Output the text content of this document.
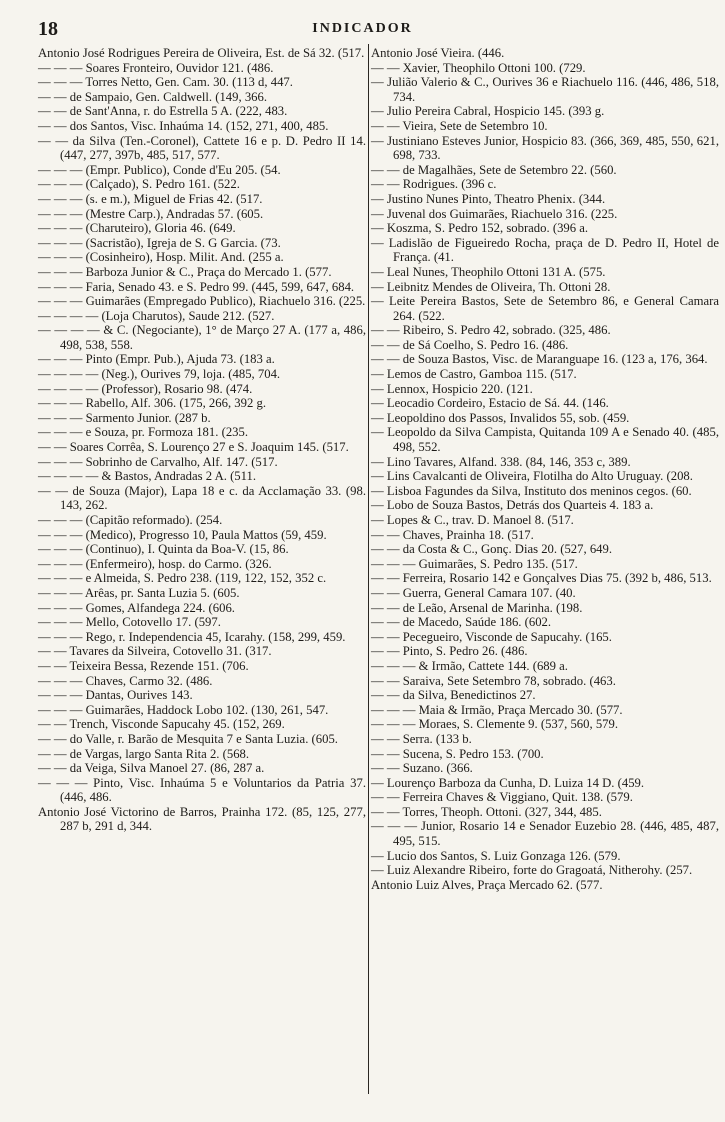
18	INDICADOR

Antonio José Rodrigues Pereira de Oliveira, Est. de Sá 32. (517.

— — — Soares Fronteiro, Ouvidor 121. (486.

— — — Torres Netto, Gen. Cam. 30. (113 d, 447.

— — de Sampaio, Gen. Caldwell. (149, 366.

— — de Sant'Anna, r. do Estrella 5 A. (222, 483.

— — dos Santos, Visc. Inhaúma 14. (152, 271, 400, 485.

— — da Silva (Ten.-Coronel), Cattete 16 e p. D. Pedro II 14. (447, 277, 397b, 485, 517, 577.

— — — (Empr. Publico), Conde d'Eu 205. (54.

— — — (Calçado), S. Pedro 161. (522.

— — — (s. e m.), Miguel de Frias 42. (517.

— — — (Mestre Carp.), Andradas 57. (605.

— — — (Charuteiro), Gloria 46. (649.

— — — (Sacristão), Igreja de S. G Garcia. (73.

— — — (Cosinheiro), Hosp. Milit. And. (255 a.

— — — Barboza Junior & C., Praça do Mercado 1. (577.

— — — Faria, Senado 43. e S. Pedro 99. (445, 599, 647, 684.

— — — Guimarães (Empregado Publico), Riachuelo 316. (225.

— — — — (Loja Charutos), Saude 212. (527.

— — — — & C. (Negociante), 1° de Março 27 A. (177 a, 486, 498, 538, 558.

— — — Pinto (Empr. Pub.), Ajuda 73. (183 a.

— — — — (Neg.), Ourives 79, loja. (485, 704.

— — — — (Professor), Rosario 98. (474.

— — — Rabello, Alf. 306. (175, 266, 392 g.

— — — Sarmento Junior. (287 b.

— — — e Souza, pr. Formoza 181. (235.

— — Soares Corrêa, S. Lourenço 27 e S. Joaquim 145. (517.

— — — Sobrinho de Carvalho, Alf. 147. (517.

— — — — & Bastos, Andradas 2 A. (511.

— — de Souza (Major), Lapa 18 e c. da Acclamação 33. (98. 143, 262.

— — — (Capitão reformado). (254.

— — — (Medico), Progresso 10, Paula Mattos (59, 459.

— — — (Continuo), I. Quinta da Boa-V. (15, 86.

— — — (Enfermeiro), hosp. do Carmo. (326.

— — — e Almeida, S. Pedro 238. (119, 122, 152, 352 c.

— — — Arêas, pr. Santa Luzia 5. (605.

— — — Gomes, Alfandega 224. (606.

— — — Mello, Cotovello 17. (597.

— — — Rego, r. Independencia 45, Icarahy. (158, 299, 459.

— — Tavares da Silveira, Cotovello 31. (317.

— — Teixeira Bessa, Rezende 151. (706.

— — — Chaves, Carmo 32. (486.

— — — Dantas, Ourives 143.

— — — Guimarães, Haddock Lobo 102. (130, 261, 547.

— — Trench, Visconde Sapucahy 45. (152, 269.

— — do Valle, r. Barão de Mesquita 7 e Santa Luzia. (605.

— — de Vargas, largo Santa Rita 2. (568.

— — da Veiga, Silva Manoel 27. (86, 287 a.

— — — Pinto, Visc. Inhaúma 5 e Voluntarios da Patria 37. (446, 486.

Antonio José Victorino de Barros, Prainha 172. (85, 125, 277, 287 b, 291 d, 344.

Antonio José Vieira. (446.

— — Xavier, Theophilo Ottoni 100. (729.

— Julião Valerio & C., Ourives 36 e Riachuelo 116. (446, 486, 518, 734.

— Julio Pereira Cabral, Hospicio 145. (393 g.

— — Vieira, Sete de Setembro 10.

— Justiniano Esteves Junior, Hospicio 83. (366, 369, 485, 550, 621, 698, 733.

— — de Magalhães, Sete de Setembro 22. (560.

— — Rodrigues. (396 c.

— Justino Nunes Pinto, Theatro Phenix. (344.

— Juvenal dos Guimarães, Riachuelo 316. (225.

— Koszma, S. Pedro 152, sobrado. (396 a.

— Ladislão de Figueiredo Rocha, praça de D. Pedro II, Hotel de França. (41.

— Leal Nunes, Theophilo Ottoni 131 A. (575.

— Leibnitz Mendes de Oliveira, Th. Ottoni 28.

— Leite Pereira Bastos, Sete de Setembro 86, e General Camara 264. (522.

— — Ribeiro, S. Pedro 42, sobrado. (325, 486.

— — de Sá Coelho, S. Pedro 16. (486.

— — de Souza Bastos, Visc. de Maranguape 16. (123 a, 176, 364.

— Lemos de Castro, Gamboa 115. (517.

— Lennox, Hospicio 220. (121.

— Leocadio Cordeiro, Estacio de Sá. 44. (146.

— Leopoldino dos Passos, Invalidos 55, sob. (459.

— Leopoldo da Silva Campista, Quitanda 109 A e Senado 40. (485, 498, 552.

— Lino Tavares, Alfand. 338. (84, 146, 353 c, 389.

— Lins Cavalcanti de Oliveira, Flotilha do Alto Uruguay. (208.

— Lisboa Fagundes da Silva, Instituto dos meninos cegos. (60.

— Lobo de Souza Bastos, Detrás dos Quarteis 4. 183 a.

— Lopes & C., trav. D. Manoel 8. (517.

— — Chaves, Prainha 18. (517.

— — da Costa & C., Gonç. Dias 20. (527, 649.

— — — Guimarães, S. Pedro 135. (517.

— — Ferreira, Rosario 142 e Gonçalves Dias 75. (392 b, 486, 513.

— — Guerra, General Camara 107. (40.

— — de Leão, Arsenal de Marinha. (198.

— — de Macedo, Saúde 186. (602.

— — Pecegueiro, Visconde de Sapucahy. (165.

— — Pinto, S. Pedro 26. (486.

— — — & Irmão, Cattete 144. (689 a.

— — Saraiva, Sete Setembro 78, sobrado. (463.

— — da Silva, Benedictinos 27.

— — — Maia & Irmão, Praça Mercado 30. (577.

— — — Moraes, S. Clemente 9. (537, 560, 579.

— — Serra. (133 b.

— — Sucena, S. Pedro 153. (700.

— — Suzano. (366.

— Lourenço Barboza da Cunha, D. Luiza 14 D. (459.

— — Ferreira Chaves & Viggiano, Quit. 138. (579.

— — Torres, Theoph. Ottoni. (327, 344, 485.

— — — Junior, Rosario 14 e Senador Euzebio 28. (446, 485, 487, 495, 515.

— Lucio dos Santos, S. Luiz Gonzaga 126. (579.

— Luiz Alexandre Ribeiro, forte do Gragoatá, Nitherohy. (257.

Antonio Luiz Alves, Praça Mercado 62. (577.
